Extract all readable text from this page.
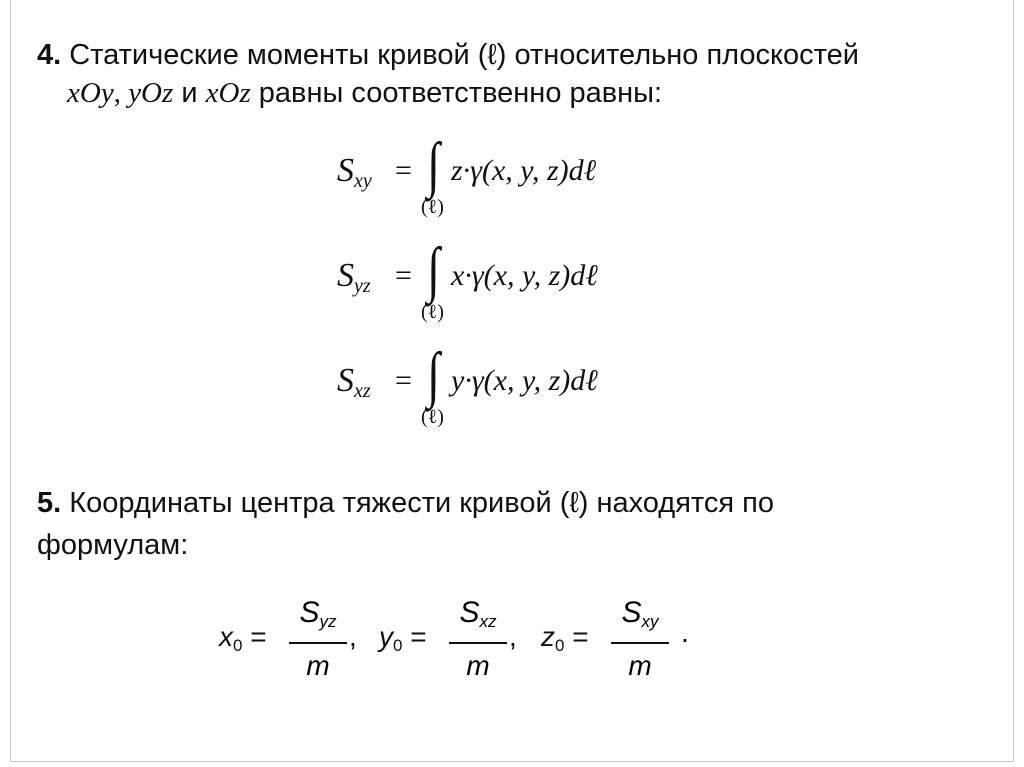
4. Статические моменты кривой (ℓ) относительно плоскостей
xOy, yOz и xOz равны соответственно равны:
$S_{xy}$ = ∫ z·γ(x, y, z)dℓ
(ℓ)
$S_{yz}$ = ∫ x·γ(x, y, z)dℓ
(ℓ)
$S_{xz}$ = ∫ y·γ(x, y, z)dℓ
(ℓ)
5. Координаты центра тяжести кривой (ℓ) находятся по
формулам:
$x_0$ =
$S_{yz}$
m
, $y_0$ =
$S_{xz}$
m
, $z_0$ =
$S_{xy}$
m
.
